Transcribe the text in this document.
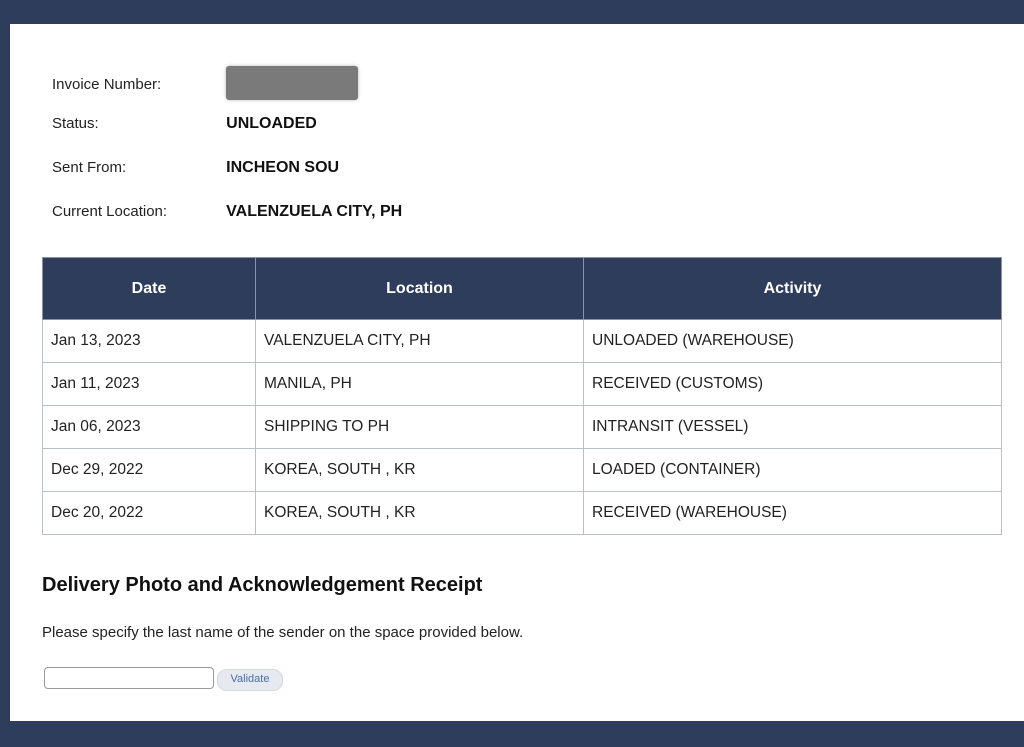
Invoice Number:
Status:	UNLOADED
Sent From:	INCHEON SOU
Current Location:	VALENZUELA CITY, PH
Date	Location	Activity
Jan 13, 2023	VALENZUELA CITY, PH	UNLOADED (WAREHOUSE)
Jan 11, 2023	MANILA, PH	RECEIVED (CUSTOMS)
Jan 06, 2023	SHIPPING TO PH	INTRANSIT (VESSEL)
Dec 29, 2022	KOREA, SOUTH , KR	LOADED (CONTAINER)
Dec 20, 2022	KOREA, SOUTH , KR	RECEIVED (WAREHOUSE)
Delivery Photo and Acknowledgement Receipt
Please specify the last name of the sender on the space provided below.
Validate
